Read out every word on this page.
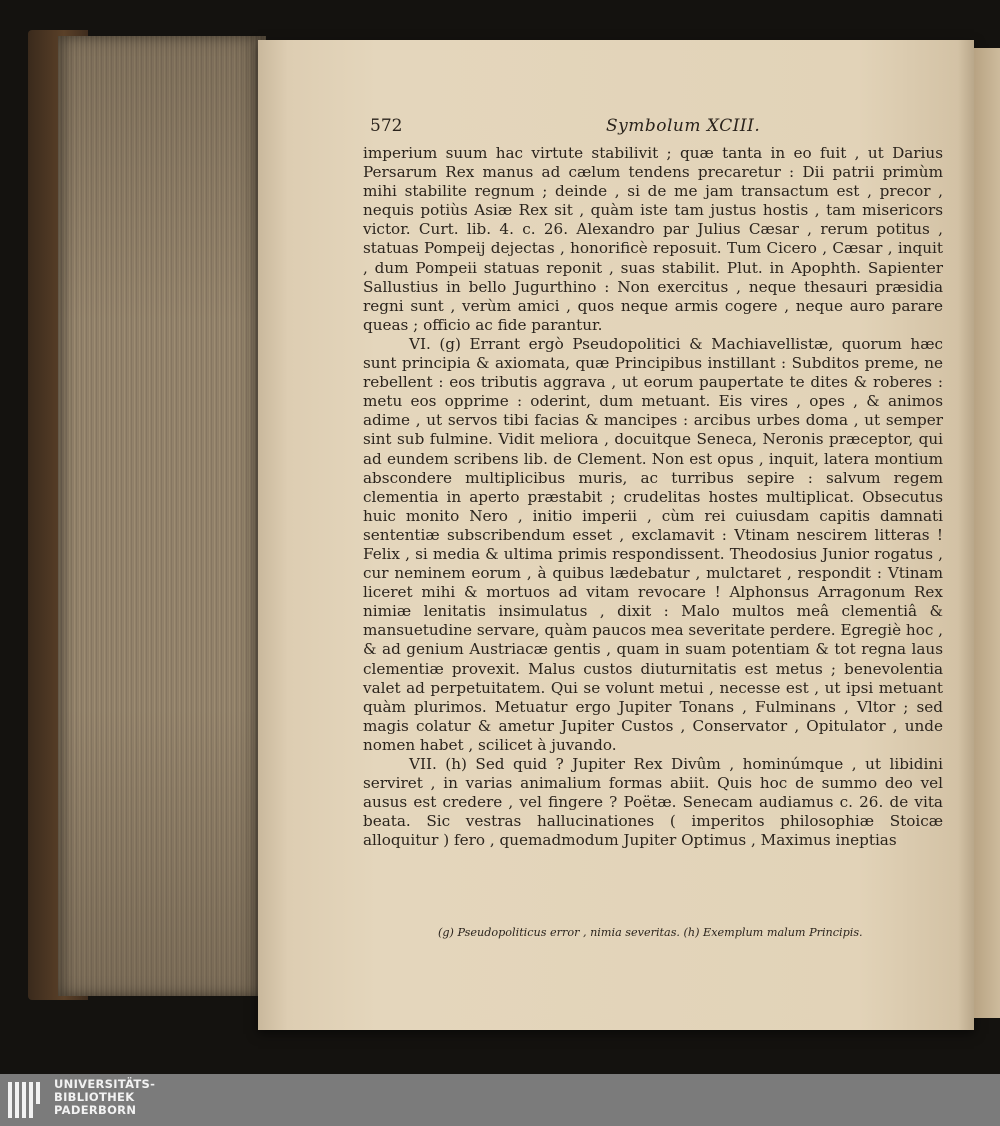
572	Symbolum XCIII.

imperium suum hac virtute stabilivit ; quæ tanta in eo fuit , ut Darius Persarum Rex manus ad cælum tendens precaretur : Dii patrii primùm mihi stabilite regnum ; deinde , si de me jam transactum est , precor , nequis potiùs Asiæ Rex sit , quàm iste tam justus hostis , tam misericors victor. Curt. lib. 4. c. 26. Alexandro par Julius Cæsar , rerum potitus , statuas Pompeij dejectas , honorificè reposuit. Tum Cicero , Cæsar , inquit , dum Pompeii statuas reponit , suas stabilit. Plut. in Apophth. Sapienter Sallustius in bello Jugurthino : Non exercitus , neque thesauri præsidia regni sunt , verùm amici , quos neque armis cogere , neque auro parare queas ; officio ac fide parantur.

VI. (g) Errant ergò Pseudopolitici & Machiavellistæ, quorum hæc sunt principia & axiomata, quæ Principibus instillant : Subditos preme, ne rebellent : eos tributis aggrava , ut eorum paupertate te dites & roberes : metu eos opprime : oderint, dum metuant. Eis vires , opes , & animos adime , ut servos tibi facias & mancipes : arcibus urbes doma , ut semper sint sub fulmine. Vidit meliora , docuitque Seneca, Neronis præceptor, qui ad eundem scribens lib. de Clement. Non est opus , inquit, latera montium abscondere multiplicibus muris, ac turribus sepire : salvum regem clementia in aperto præstabit ; crudelitas hostes multiplicat. Obsecutus huic monito Nero , initio imperii , cùm rei cuiusdam capitis damnati sententiæ subscribendum esset , exclamavit : Vtinam nescirem litteras ! Felix , si media & ultima primis respondissent. Theodosius Junior rogatus , cur neminem eorum , à quibus lædebatur , mulctaret , respondit : Vtinam liceret mihi & mortuos ad vitam revocare ! Alphonsus Arragonum Rex nimiæ lenitatis insimulatus , dixit : Malo multos meâ clementiâ & mansuetudine servare, quàm paucos mea severitate perdere. Egregiè hoc , & ad genium Austriacæ gentis , quam in suam potentiam & tot regna laus clementiæ provexit. Malus custos diuturnitatis est metus ; benevolentia valet ad perpetuitatem. Qui se volunt metui , necesse est , ut ipsi metuant quàm plurimos. Metuatur ergo Jupiter Tonans , Fulminans , Vltor ; sed magis colatur & ametur Jupiter Custos , Conservator , Opitulator , unde nomen habet , scilicet à juvando.

VII. (h) Sed quid ? Jupiter Rex Divûm , hominúmque , ut libidini serviret , in varias animalium formas abiit. Quis hoc de summo deo vel ausus est credere , vel fingere ? Poëtæ. Senecam audiamus c. 26. de vita beata. Sic vestras hallucinationes ( imperitos philosophiæ Stoicæ alloquitur ) fero , quemadmodum Jupiter Optimus , Maximus ineptias

(g) Pseudopoliticus error , nimia severitas. (h) Exemplum malum Principis.
UNIVERSITÄTS-
BIBLIOTHEK
PADERBORN
